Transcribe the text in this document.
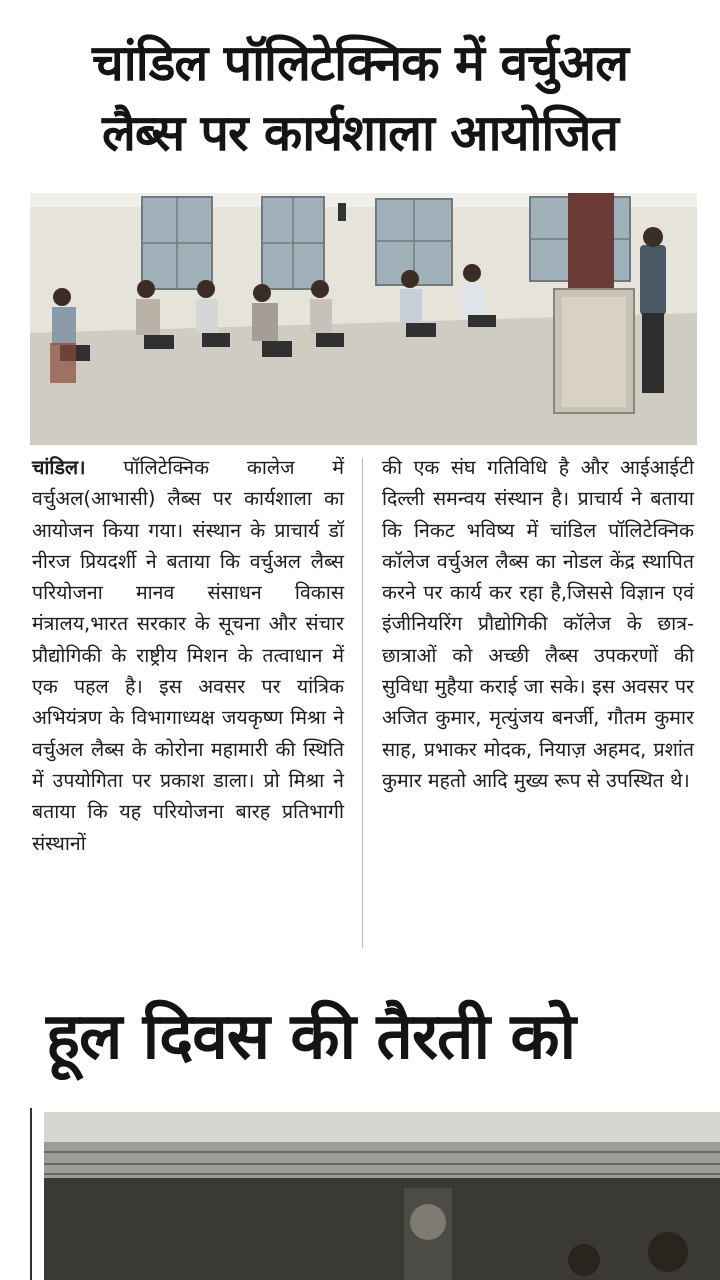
चांडिल पॉलिटेक्निक में वर्चुअल
लैब्स पर कार्यशाला आयोजित

चांडिल। पॉलिटेक्निक कालेज में वर्चुअल(आभासी) लैब्स पर कार्यशाला का आयोजन किया गया। संस्थान के प्राचार्य डॉ नीरज प्रियदर्शी ने बताया कि वर्चुअल लैब्स परियोजना मानव संसाधन विकास मंत्रालय,भारत सरकार के सूचना और संचार प्रौद्योगिकी के राष्ट्रीय मिशन के तत्वाधान में एक पहल है। इस अवसर पर यांत्रिक अभियंत्रण के विभागाध्यक्ष जयकृष्ण मिश्रा ने वर्चुअल लैब्स के कोरोना महामारी की स्थिति में उपयोगिता पर प्रकाश डाला। प्रो मिश्रा ने बताया कि यह परियोजना बारह प्रतिभागी संस्थानों

की एक संघ गतिविधि है और आईआईटी दिल्ली समन्वय संस्थान है। प्राचार्य ने बताया कि निकट भविष्य में चांडिल पॉलिटेक्निक कॉलेज वर्चुअल लैब्स का नोडल केंद्र स्थापित करने पर कार्य कर रहा है,जिससे विज्ञान एवं इंजीनियरिंग प्रौद्योगिकी कॉलेज के छात्र-छात्राओं को अच्छी लैब्स उपकरणों की सुविधा मुहैया कराई जा सके। इस अवसर पर अजित कुमार, मृत्युंजय बनर्जी, गौतम कुमार साह, प्रभाकर मोदक, नियाज़ अहमद, प्रशांत कुमार महतो आदि मुख्य रूप से उपस्थित थे।

हूल दिवस की तैरती को
